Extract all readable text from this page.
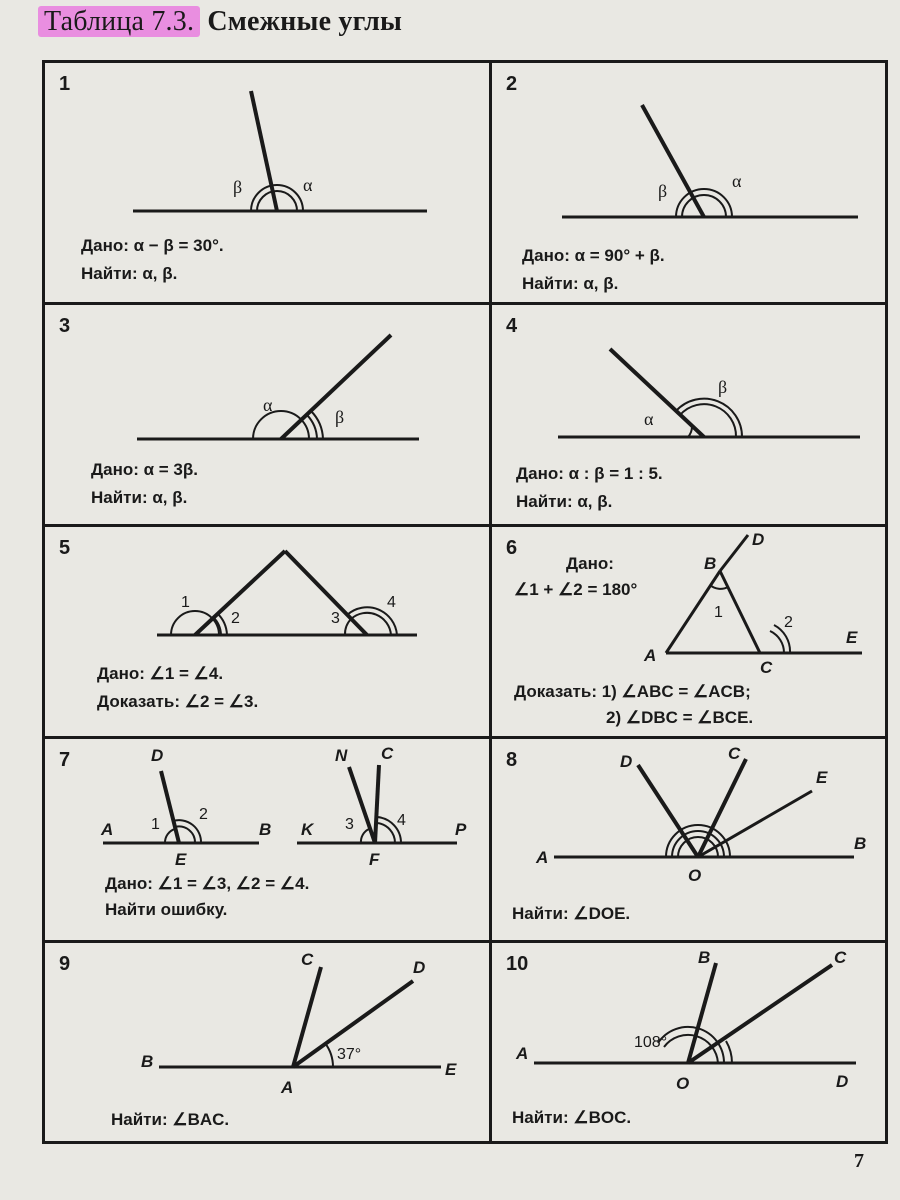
Таблица 7.3. Смежные углы
1
β	α
Дано: α − β = 30°.
Найти: α, β.
2
β	α
Дано: α = 90° + β.
Найти: α, β.
3
α
β
Дано: α = 3β.
Найти: α, β.
4
α
β
Дано: α : β = 1 : 5.
Найти: α, β.
5
1
2	3
4
Дано: ∠1 = ∠4.
Доказать: ∠2 = ∠3.
6
Дано:
∠1 + ∠2 = 180°
A
B
C
D
E
1
2
Доказать: 1) ∠ABC = ∠ACB;
2) ∠DBC = ∠BCE.
7
A	B
D
E
1
2
K	P
N C
F
3	4
Дано: ∠1 = ∠3, ∠2 = ∠4.
Найти ошибку.
8
A
B
O
D	C
E
Найти: ∠DOE.
9
B	E
A
C	D
37°
Найти: ∠BAC.
10
A
D
O
B	C
108°
Найти: ∠BOC.
7
